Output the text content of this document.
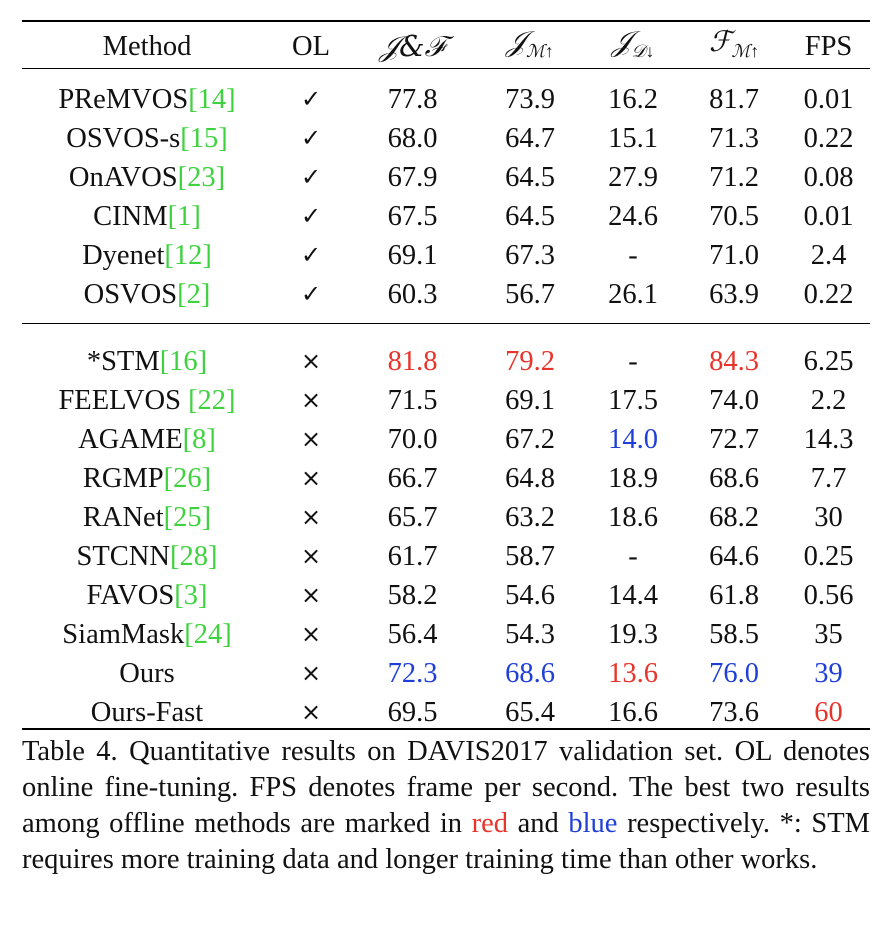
Method	OL	𝒥&ℱ	𝒥$_{ℳ↑}$	𝒥$_{𝒟↓}$	ℱ$_{ℳ↑}$	FPS

PReMVOS[14]	✓	77.8	73.9	16.2	81.7	0.01
OSVOS-s[15]	✓	68.0	64.7	15.1	71.3	0.22
OnAVOS[23]	✓	67.9	64.5	27.9	71.2	0.08
CINM[1]	✓	67.5	64.5	24.6	70.5	0.01
Dyenet[12]	✓	69.1	67.3	-	71.0	2.4
OSVOS[2]	✓	60.3	56.7	26.1	63.9	0.22

*STM[16]	×	81.8	79.2	-	84.3	6.25
FEELVOS [22]	×	71.5	69.1	17.5	74.0	2.2
AGAME[8]	×	70.0	67.2	14.0	72.7	14.3
RGMP[26]	×	66.7	64.8	18.9	68.6	7.7
RANet[25]	×	65.7	63.2	18.6	68.2	30
STCNN[28]	×	61.7	58.7	-	64.6	0.25
FAVOS[3]	×	58.2	54.6	14.4	61.8	0.56
SiamMask[24]	×	56.4	54.3	19.3	58.5	35
Ours	×	72.3	68.6	13.6	76.0	39
Ours-Fast	×	69.5	65.4	16.6	73.6	60

Table 4. Quantitative results on DAVIS2017 validation set. OL denotes online fine-tuning. FPS denotes frame per second. The best two results among offline methods are marked in red and blue respectively. *: STM requires more training data and longer training time than other works.
